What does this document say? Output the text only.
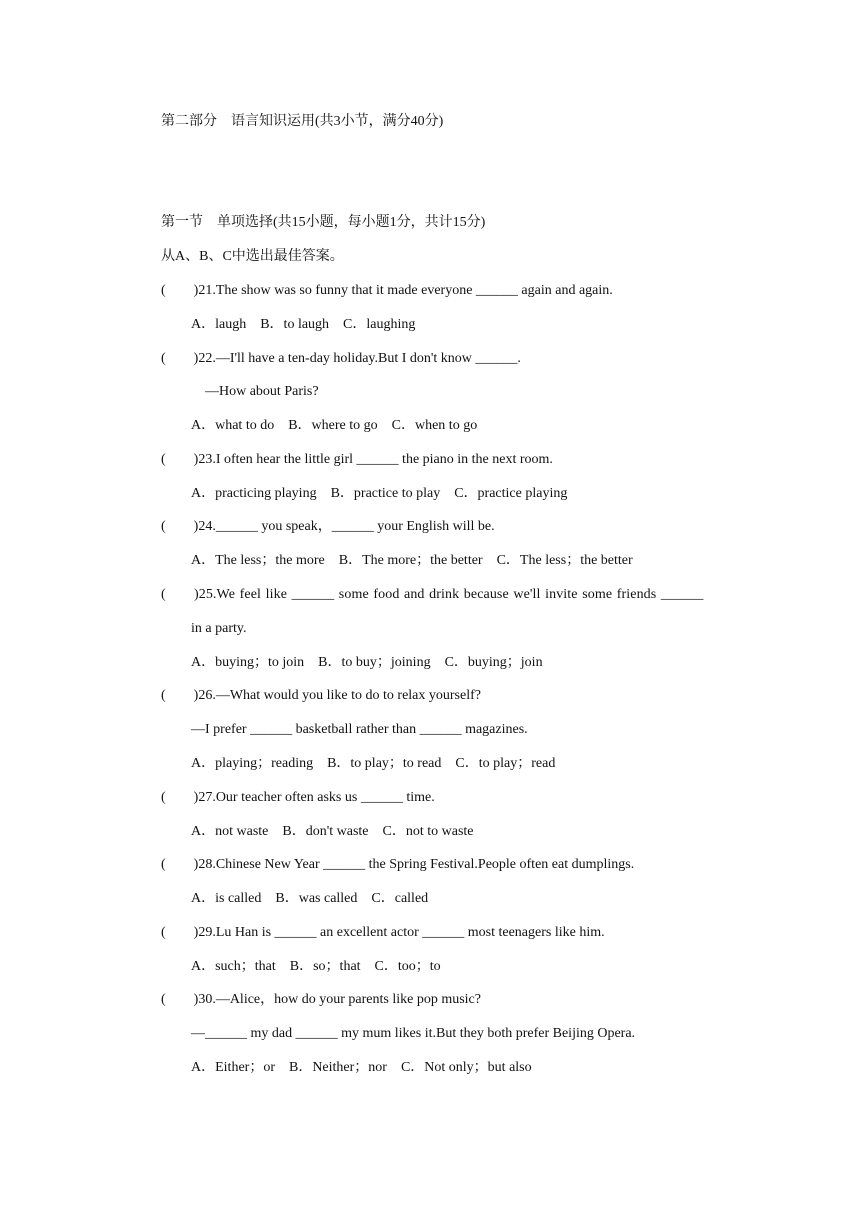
第二部分　语言知识运用(共3小节，满分40分)
第一节　单项选择(共15小题，每小题1分，共计15分)
从A、B、C中选出最佳答案。
(　　)21.The show was so funny that it made everyone ______ again and again.
A．laugh　B．to laugh　C．laughing
(　　)22.—I'll have a ten-day holiday.But I don't know ______.
—How about Paris?
A．what to do　B．where to go　C．when to go
(　　)23.I often hear the little girl ______ the piano in the next room.
A．practicing playing　B．practice to play　C．practice playing
(　　)24.______ you speak，______ your English will be.
A．The less；the more　B．The more；the better　C．The less；the better
(　　)25.We feel like ______ some food and drink because we'll invite some friends ______
in a party.
A．buying；to join　B．to buy；joining　C．buying；join
(　　)26.—What would you like to do to relax yourself?
—I prefer ______ basketball rather than ______ magazines.
A．playing；reading　B．to play；to read　C．to play；read
(　　)27.Our teacher often asks us ______ time.
A．not waste　B．don't waste　C．not to waste
(　　)28.Chinese New Year ______ the Spring Festival.People often eat dumplings.
A．is called　B．was called　C．called
(　　)29.Lu Han is ______ an excellent actor ______ most teenagers like him.
A．such；that　B．so；that　C．too；to
(　　)30.—Alice，how do your parents like pop music?
—______ my dad ______ my mum likes it.But they both prefer Beijing Opera.
A．Either；or　B．Neither；nor　C．Not only；but also
